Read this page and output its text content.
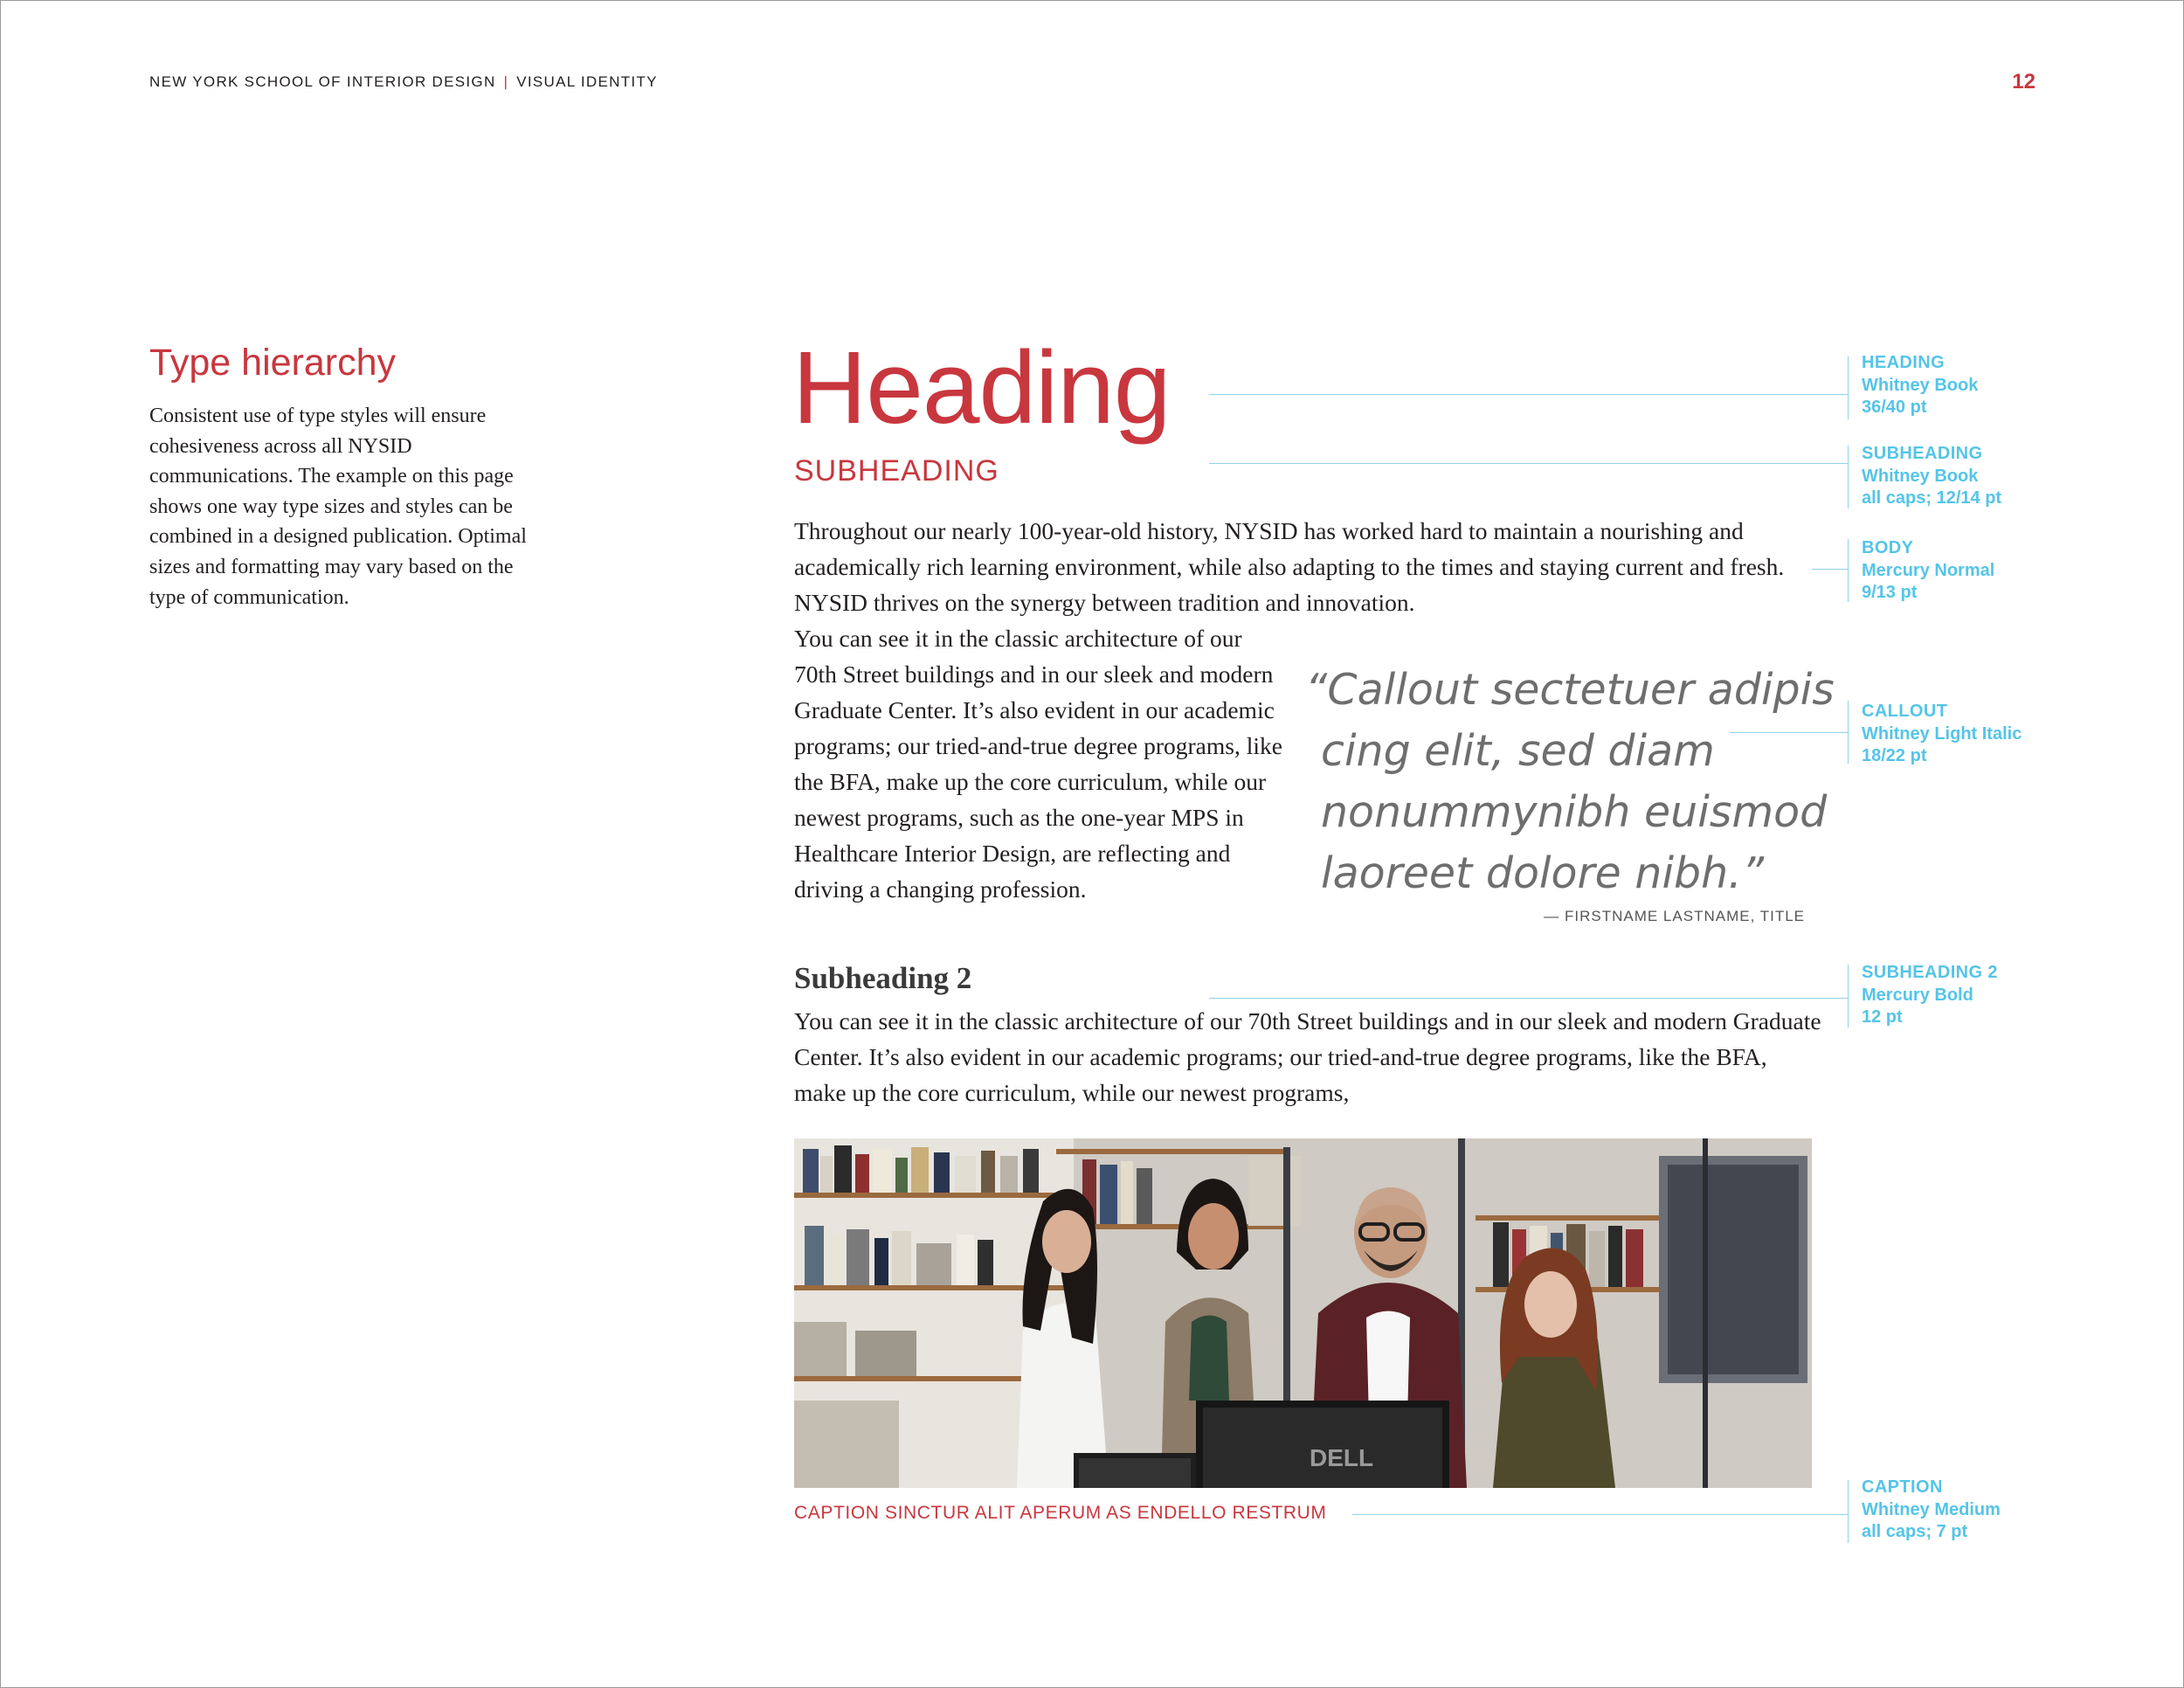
NEW YORK SCHOOL OF INTERIOR DESIGN | VISUAL IDENTITY	12
Type hierarchy
Consistent use of type styles will ensure cohesiveness across all NYSID communications. The example on this page shows one way type sizes and styles can be combined in a designed publication. Optimal sizes and formatting may vary based on the type of communication.
Heading
SUBHEADING
Throughout our nearly 100-year-old history, NYSID has worked hard to maintain a nourishing and academically rich learning environment, while also adapting to the times and staying current and fresh. NYSID thrives on the synergy between tradition and innovation.
You can see it in the classic architecture of our 70th Street buildings and in our sleek and modern Graduate Center. It’s also evident in our academic programs; our tried-and-true degree programs, like the BFA, make up the core curriculum, while our newest programs, such as the one-year MPS in Healthcare Interior Design, are reflecting and driving a changing profession.
“Callout sectetuer adipis
cing elit, sed diam
nonummynibh euismod
laoreet dolore nibh.”
— FIRSTNAME LASTNAME, TITLE
Subheading 2
You can see it in the classic architecture of our 70th Street buildings and in our sleek and modern Graduate Center. It’s also evident in our academic programs; our tried-and-true degree programs, like the BFA, make up the core curriculum, while our newest programs,
DELL
CAPTION SINCTUR ALIT APERUM AS ENDELLO RESTRUM
HEADING
Whitney Book
36/40 pt
SUBHEADING
Whitney Book
all caps; 12/14 pt
BODY
Mercury Normal
9/13 pt
CALLOUT
Whitney Light Italic
18/22 pt
SUBHEADING 2
Mercury Bold
12 pt
CAPTION
Whitney Medium
all caps; 7 pt
